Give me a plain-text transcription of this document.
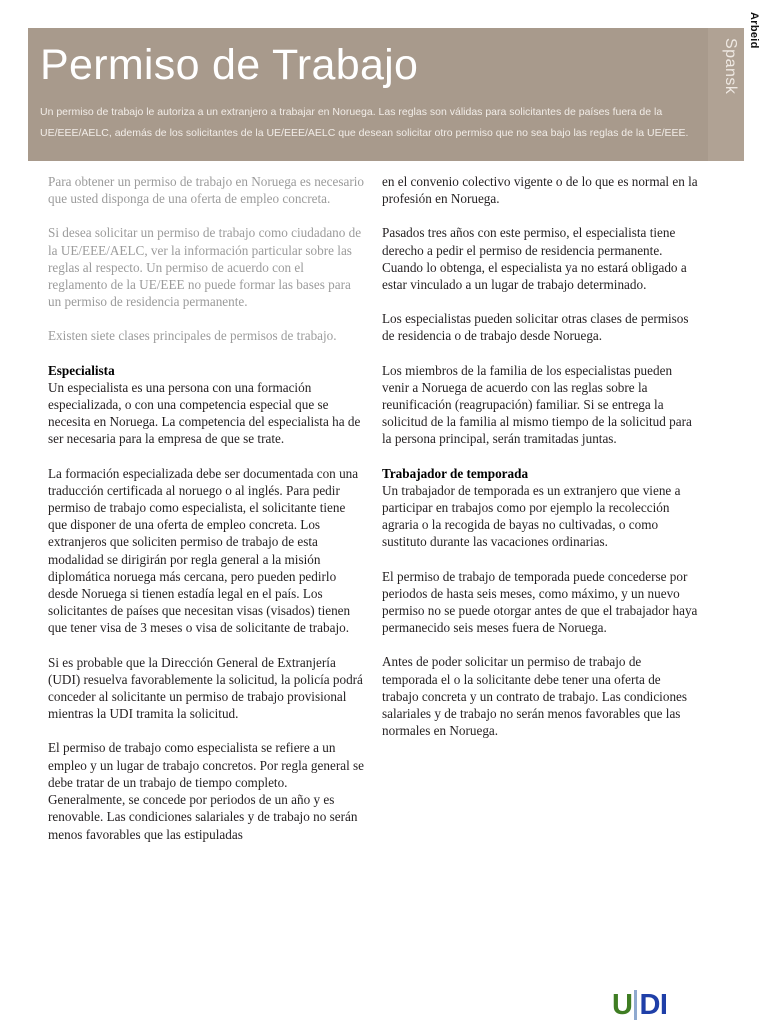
Permiso de Trabajo
Un permiso de trabajo le autoriza a un extranjero a trabajar en Noruega. Las reglas son válidas para solicitantes de países fuera de la UE/EEE/AELC, además de los solicitantes de la UE/EEE/AELC que desean solicitar otro permiso que no sea bajo las reglas de la UE/EEE.
Spansk
Arbeid

Para obtener un permiso de trabajo en Noruega es necesario que usted disponga de una oferta de empleo concreta.

Si desea solicitar un permiso de trabajo como ciudadano de la UE/EEE/AELC, ver la información particular sobre las reglas al respecto. Un permiso de acuerdo con el reglamento de la UE/EEE no puede formar las bases para un permiso de residencia permanente.

Existen siete clases principales de permisos de trabajo.

Especialista

Un especialista es una persona con una formación especializada, o con una competencia especial que se necesita en Noruega. La competencia del especialista ha de ser necesaria para la empresa de que se trate.

La formación especializada debe ser documentada con una traducción certificada al noruego o al inglés. Para pedir permiso de trabajo como especialista, el solicitante tiene que disponer de una oferta de empleo concreta. Los extranjeros que soliciten permiso de trabajo de esta modalidad se dirigirán por regla general a la misión diplomática noruega más cercana, pero pueden pedirlo desde Noruega si tienen estadía legal en el país. Los solicitantes de países que necesitan visas (visados) tienen que tener visa de 3 meses o visa de solicitante de trabajo.

Si es probable que la Dirección General de Extranjería (UDI) resuelva favorablemente la solicitud, la policía podrá conceder al solicitante un permiso de trabajo provisional mientras la UDI tramita la solicitud.

El permiso de trabajo como especialista se refiere a un empleo y un lugar de trabajo concretos. Por regla general se debe tratar de un trabajo de tiempo completo. Generalmente, se concede por periodos de un año y es renovable. Las condiciones salariales y de trabajo no serán menos favorables que las estipuladas

en el convenio colectivo vigente o de lo que es normal en la profesión en Noruega.

Pasados tres años con este permiso, el especialista tiene derecho a pedir el permiso de residencia permanente. Cuando lo obtenga, el especialista ya no estará obligado a estar vinculado a un lugar de trabajo determinado.

Los especialistas pueden solicitar otras clases de permisos de residencia o de trabajo desde Noruega.

Los miembros de la familia de los especialistas pueden venir a Noruega de acuerdo con las reglas sobre la reunificación (reagrupación) familiar. Si se entrega la solicitud de la familia al mismo tiempo de la solicitud para la persona principal, serán tramitadas juntas.

Trabajador de temporada

Un trabajador de temporada es un extranjero que viene a participar en trabajos como por ejemplo la recolección agraria o la recogida de bayas no cultivadas, o como sustituto durante las vacaciones ordinarias.

El permiso de trabajo de temporada puede concederse por periodos de hasta seis meses, como máximo, y un nuevo permiso no se puede otorgar antes de que el trabajador haya permanecido seis meses fuera de Noruega.

Antes de poder solicitar un permiso de trabajo de temporada el o la solicitante debe tener una oferta de trabajo concreta y un contrato de trabajo. Las condiciones salariales y de trabajo no serán menos favorables que las normales en Noruega.

U DI
